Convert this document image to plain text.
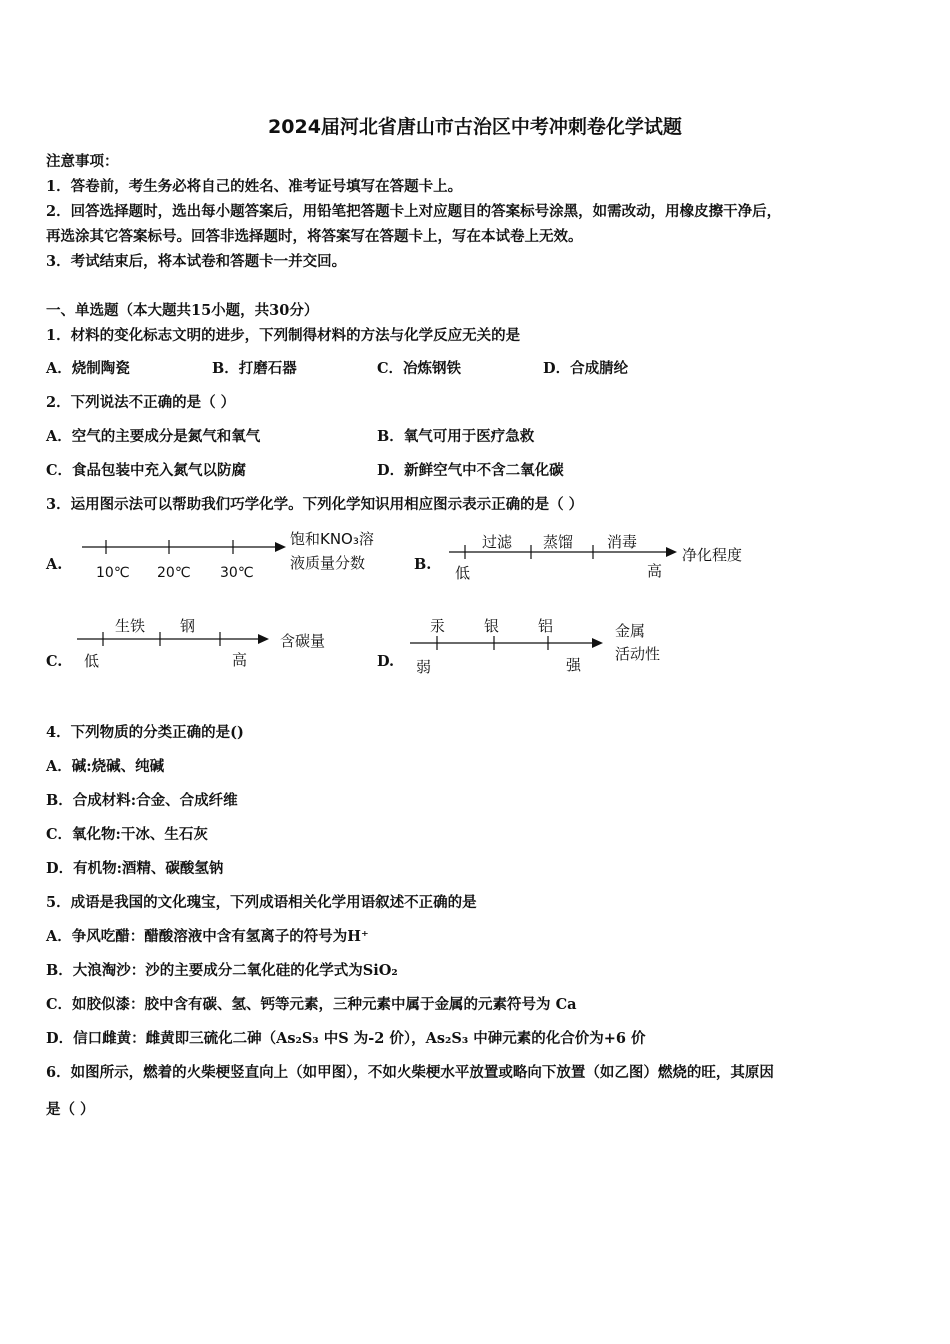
2024届河北省唐山市古治区中考冲刺卷化学试题
注意事项：
1．答卷前，考生务必将自己的姓名、准考证号填写在答题卡上。
2．回答选择题时，选出每小题答案后，用铅笔把答题卡上对应题目的答案标号涂黑，如需改动，用橡皮擦干净后，
再选涂其它答案标号。回答非选择题时，将答案写在答题卡上，写在本试卷上无效。
3．考试结束后，将本试卷和答题卡一并交回。
一、单选题（本大题共15小题，共30分）
1．材料的变化标志文明的进步，下列制得材料的方法与化学反应无关的是
A．烧制陶瓷	B．打磨石器	C．冶炼钢铁	D．合成腈纶
2．下列说法不正确的是（ ）
A．空气的主要成分是氮气和氧气	B．氧气可用于医疗急救
C．食品包装中充入氮气以防腐	D．新鲜空气中不含二氧化碳
3．运用图示法可以帮助我们巧学化学。下列化学知识用相应图示表示正确的是（ ）
A. 10℃ 20℃ 30℃
饱和KNO₃溶
液质量分数	B.
过滤 蒸馏 消毒
低	高
净化程度
C.
生铁 钢
低	高
含碳量
D.
汞	银	铝
弱	强
金属
活动性
4．下列物质的分类正确的是()
A．碱:烧碱、纯碱
B．合成材料:合金、合成纤维
C．氧化物:干冰、生石灰
D．有机物:酒精、碳酸氢钠
5．成语是我国的文化瑰宝，下列成语相关化学用语叙述不正确的是
A．争风吃醋：醋酸溶液中含有氢离子的符号为H⁺
B．大浪淘沙：沙的主要成分二氧化硅的化学式为SiO₂
C．如胶似漆：胶中含有碳、氢、钙等元素，三种元素中属于金属的元素符号为 Ca
D．信口雌黄：雌黄即三硫化二砷（As₂S₃ 中S 为-2 价），As₂S₃ 中砷元素的化合价为+6 价
6．如图所示，燃着的火柴梗竖直向上（如甲图），不如火柴梗水平放置或略向下放置（如乙图）燃烧的旺，其原因
是（ ）
